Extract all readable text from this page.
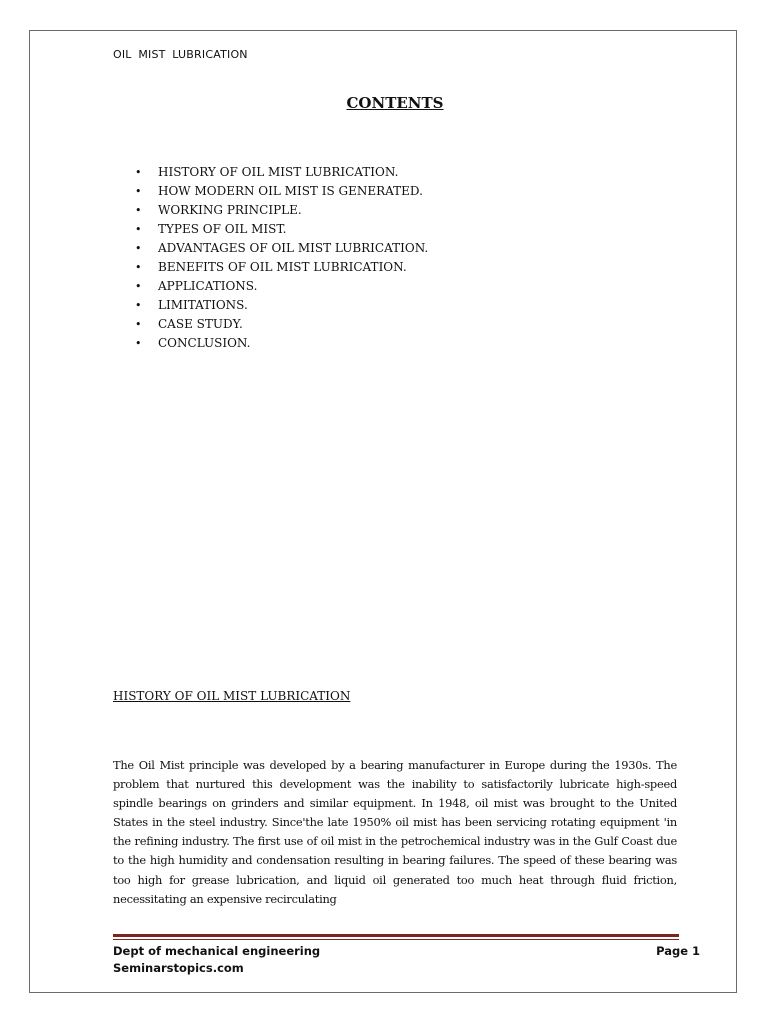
OIL MIST LUBRICATION
CONTENTS
• HISTORY OF OIL MIST LUBRICATION.
• HOW MODERN OIL MIST IS GENERATED.
• WORKING PRINCIPLE.
• TYPES OF OIL MIST.
• ADVANTAGES OF OIL MIST LUBRICATION.
• BENEFITS OF OIL MIST LUBRICATION.
• APPLICATIONS.
• LIMITATIONS.
• CASE STUDY.
• CONCLUSION.
HISTORY OF OIL MIST LUBRICATION

The Oil Mist principle was developed by a bearing manufacturer in Europe during the 1930s. The problem that nurtured this development was the inability to satisfactorily lubricate high-speed spindle bearings on grinders and similar equipment. In 1948, oil mist was brought to the United States in the steel industry. Since'the late 1950% oil mist has been servicing rotating equipment 'in the refining industry. The first use of oil mist in the petrochemical industry was in the Gulf Coast due to the high humidity and condensation resulting in bearing failures. The speed of these bearing was too high for grease lubrication, and liquid oil generated too much heat through fluid friction, necessitating an expensive recirculating

Dept of mechanical engineering
Seminarstopics.com
Page 1
